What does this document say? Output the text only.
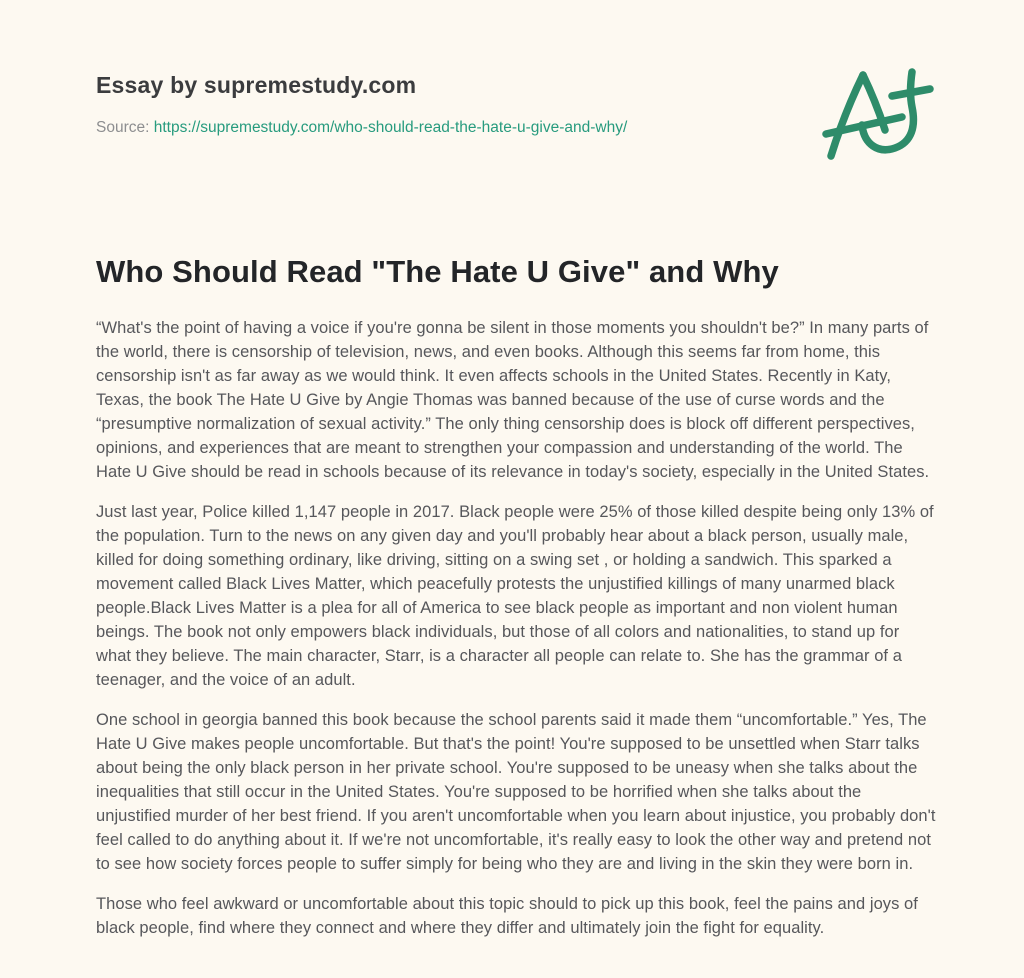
Essay by supremestudy.com
Source: https://supremestudy.com/who-should-read-the-hate-u-give-and-why/
Who Should Read "The Hate U Give" and Why

“What's the point of having a voice if you're gonna be silent in those moments you shouldn't be?” In many parts of the world, there is censorship of television, news, and even books. Although this seems far from home, this censorship isn't as far away as we would think. It even affects schools in the United States. Recently in Katy, Texas, the book The Hate U Give by Angie Thomas was banned because of the use of curse words and the “presumptive normalization of sexual activity.” The only thing censorship does is block off different perspectives, opinions, and experiences that are meant to strengthen your compassion and understanding of the world. The Hate U Give should be read in schools because of its relevance in today's society, especially in the United States.

Just last year, Police killed 1,147 people in 2017. Black people were 25% of those killed despite being only 13% of the population. Turn to the news on any given day and you'll probably hear about a black person, usually male, killed for doing something ordinary, like driving, sitting on a swing set , or holding a sandwich. This sparked a movement called Black Lives Matter, which peacefully protests the unjustified killings of many unarmed black people.Black Lives Matter is a plea for all of America to see black people as important and non violent human beings. The book not only empowers black individuals, but those of all colors and nationalities, to stand up for what they believe. The main character, Starr, is a character all people can relate to. She has the grammar of a teenager, and the voice of an adult.

One school in georgia banned this book because the school parents said it made them “uncomfortable.” Yes, The Hate U Give makes people uncomfortable. But that's the point! You're supposed to be unsettled when Starr talks about being the only black person in her private school. You're supposed to be uneasy when she talks about the inequalities that still occur in the United States. You're supposed to be horrified when she talks about the unjustified murder of her best friend. If you aren't uncomfortable when you learn about injustice, you probably don't feel called to do anything about it. If we're not uncomfortable, it's really easy to look the other way and pretend not to see how society forces people to suffer simply for being who they are and living in the skin they were born in.

Those who feel awkward or uncomfortable about this topic should to pick up this book, feel the pains and joys of black people, find where they connect and where they differ and ultimately join the fight for equality.
